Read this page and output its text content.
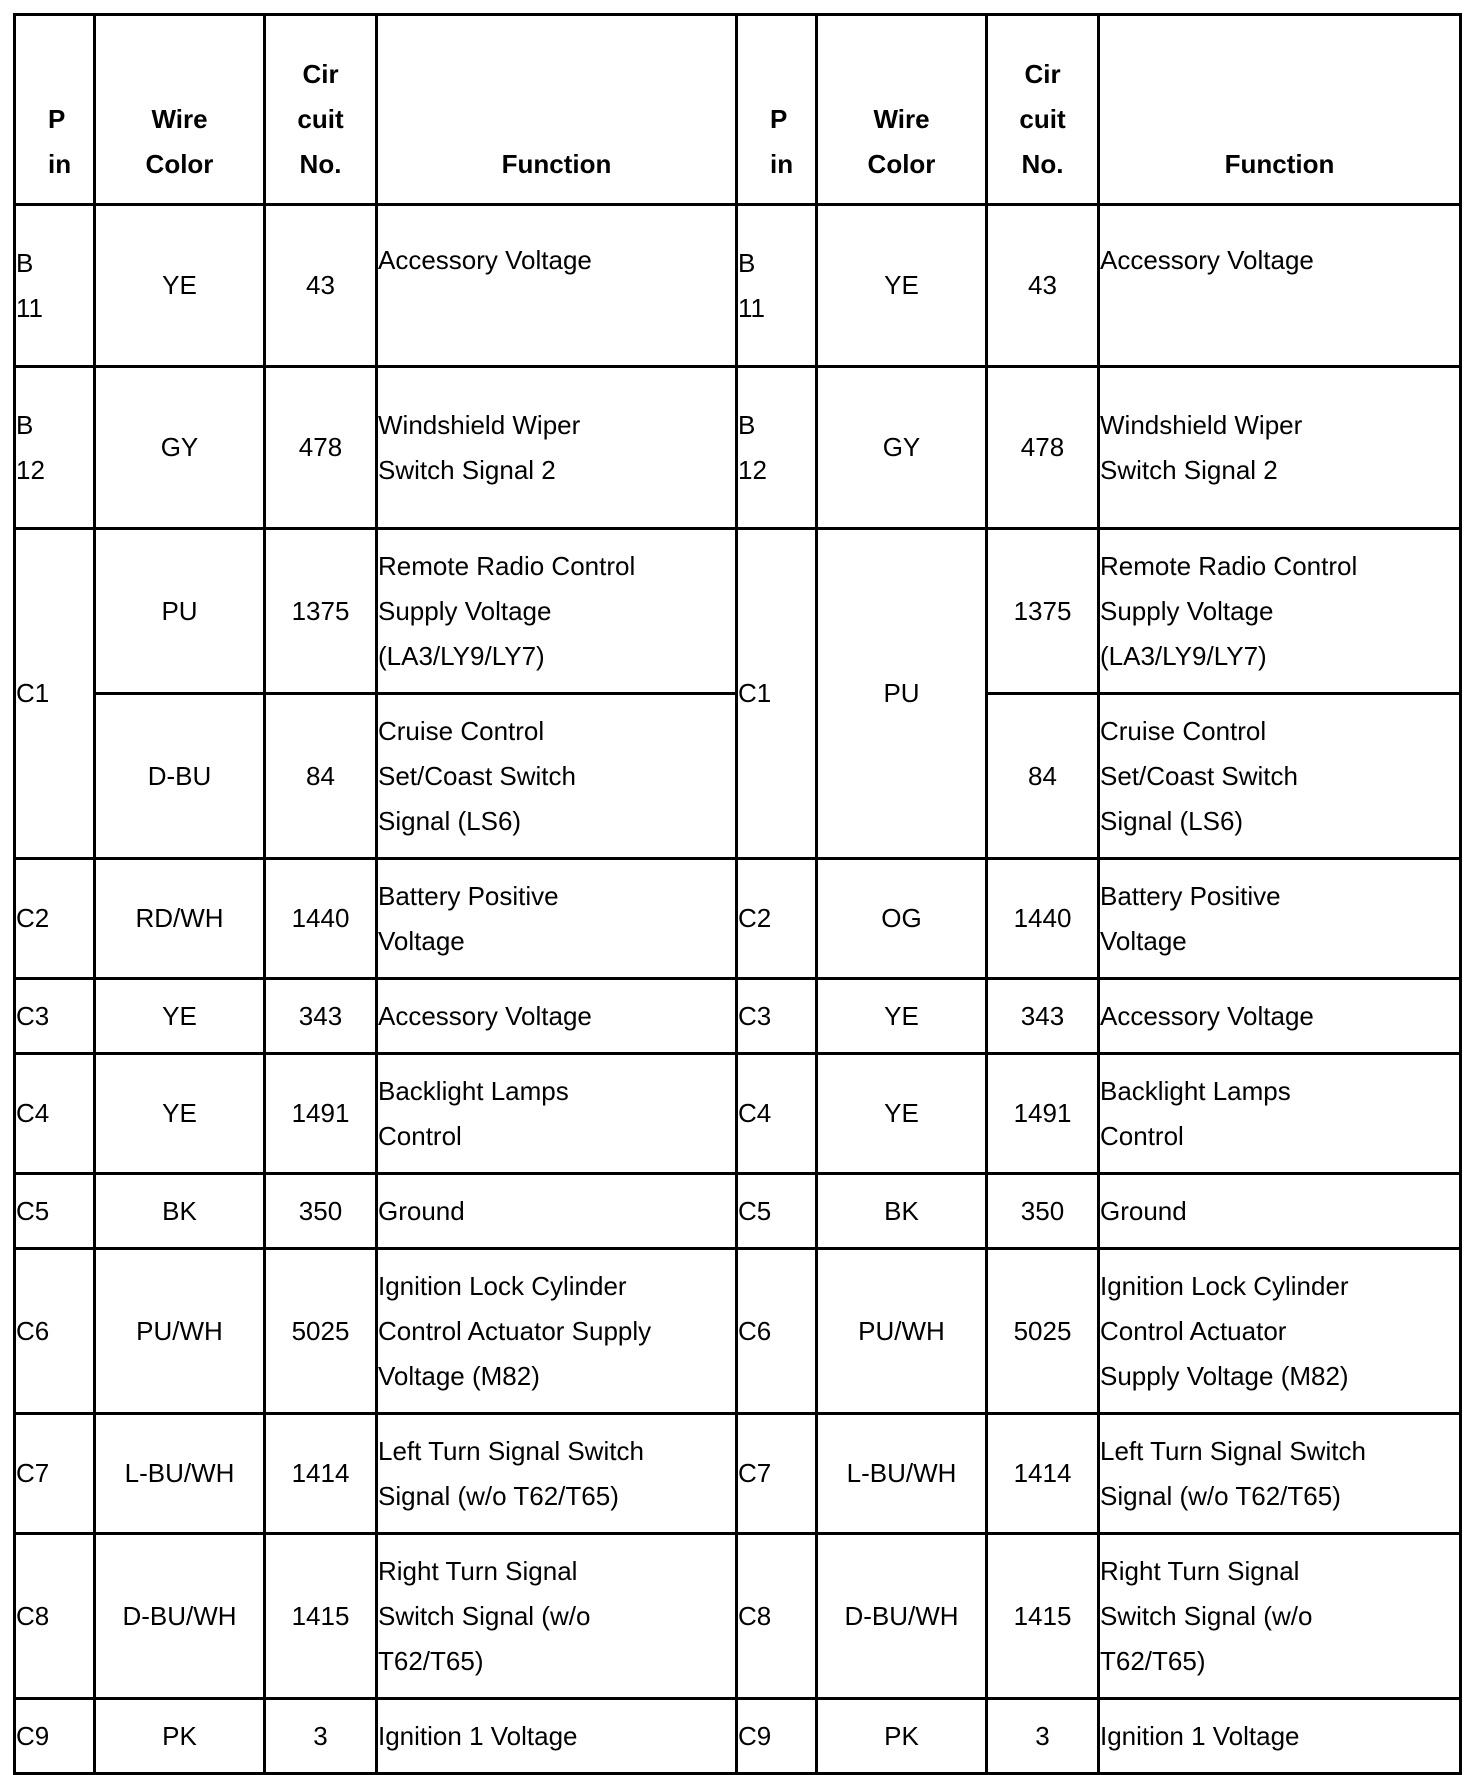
P
in	Wire
Color	Cir
cuit
No.	Function	P
in	Wire
Color	Cir
cuit
No.	Function

B
11	YE	43	Accessory Voltage	B
11	YE	43	Accessory Voltage

B
12	GY	478	Windshield Wiper
Switch Signal 2	B
12	GY	478	Windshield Wiper
Switch Signal 2

C1	PU	1375	Remote Radio Control
Supply Voltage
(LA3/LY9/LY7)	C1	PU	1375	Remote Radio Control
Supply Voltage
(LA3/LY9/LY7)

	D-BU	84	Cruise Control
Set/Coast Switch
Signal (LS6)			84	Cruise Control
Set/Coast Switch
Signal (LS6)

C2	RD/WH	1440	Battery Positive
Voltage	C2	OG	1440	Battery Positive
Voltage

C3	YE	343	Accessory Voltage	C3	YE	343	Accessory Voltage

C4	YE	1491	Backlight Lamps
Control	C4	YE	1491	Backlight Lamps
Control

C5	BK	350	Ground	C5	BK	350	Ground

C6	PU/WH	5025	Ignition Lock Cylinder
Control Actuator Supply
Voltage (M82)	C6	PU/WH	5025	Ignition Lock Cylinder
Control Actuator
Supply Voltage (M82)

C7	L-BU/WH	1414	Left Turn Signal Switch
Signal (w/o T62/T65)	C7	L-BU/WH	1414	Left Turn Signal Switch
Signal (w/o T62/T65)

C8	D-BU/WH	1415	Right Turn Signal
Switch Signal (w/o
T62/T65)	C8	D-BU/WH	1415	Right Turn Signal
Switch Signal (w/o
T62/T65)

C9	PK	3	Ignition 1 Voltage	C9	PK	3	Ignition 1 Voltage
